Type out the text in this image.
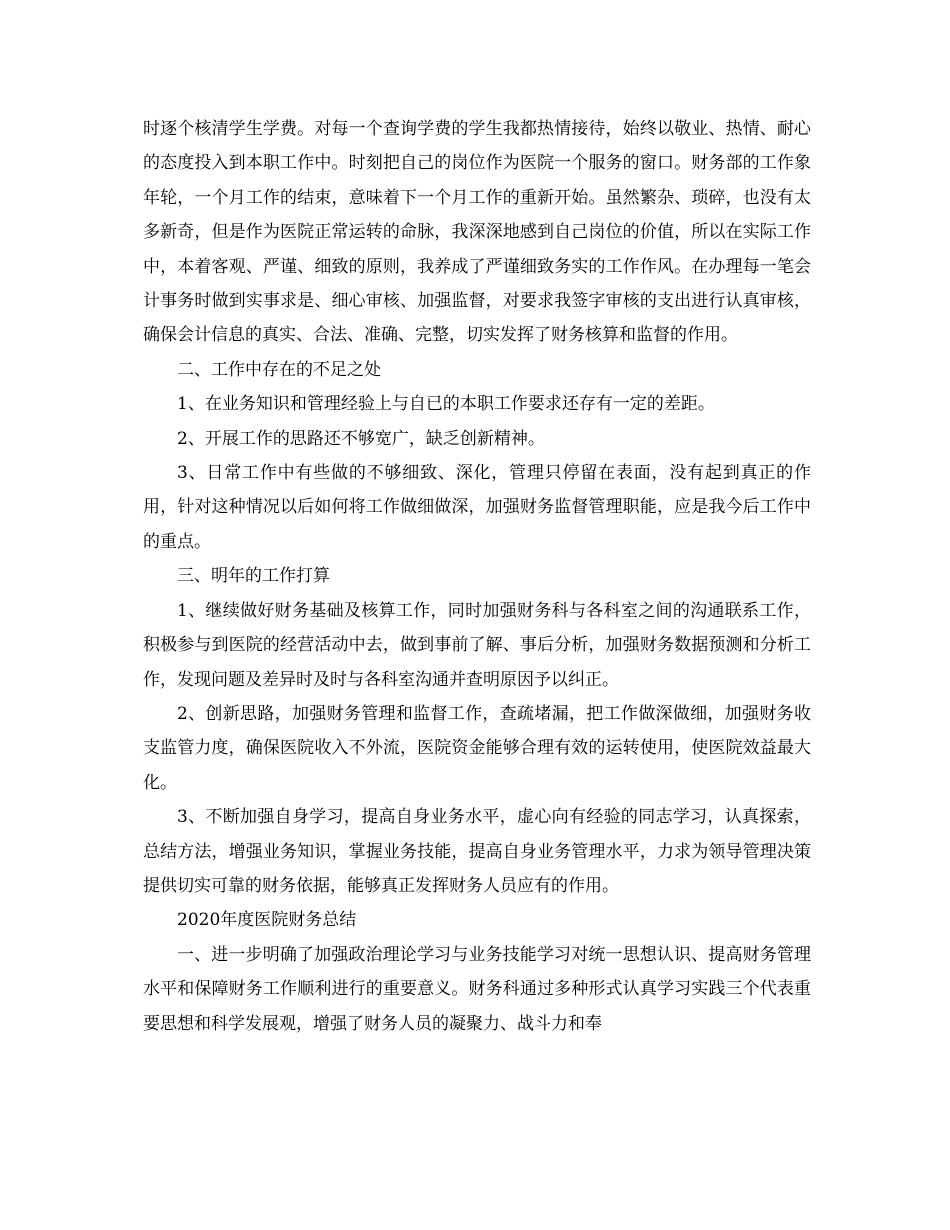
时逐个核清学生学费。对每一个查询学费的学生我都热情接待，始终以敬业、热情、耐心的态度投入到本职工作中。时刻把自己的岗位作为医院一个服务的窗口。财务部的工作象年轮，一个月工作的结束，意味着下一个月工作的重新开始。虽然繁杂、琐碎，也没有太多新奇，但是作为医院正常运转的命脉，我深深地感到自己岗位的价值，所以在实际工作中，本着客观、严谨、细致的原则，我养成了严谨细致务实的工作作风。在办理每一笔会计事务时做到实事求是、细心审核、加强监督，对要求我签字审核的支出进行认真审核，确保会计信息的真实、合法、准确、完整，切实发挥了财务核算和监督的作用。

二、工作中存在的不足之处

1、在业务知识和管理经验上与自已的本职工作要求还存有一定的差距。

2、开展工作的思路还不够宽广，缺乏创新精神。

3、日常工作中有些做的不够细致、深化，管理只停留在表面，没有起到真正的作用，针对这种情况以后如何将工作做细做深，加强财务监督管理职能，应是我今后工作中的重点。

三、明年的工作打算

1、继续做好财务基础及核算工作，同时加强财务科与各科室之间的沟通联系工作，积极参与到医院的经营活动中去，做到事前了解、事后分析，加强财务数据预测和分析工作，发现问题及差异时及时与各科室沟通并查明原因予以纠正。

2、创新思路，加强财务管理和监督工作，查疏堵漏，把工作做深做细，加强财务收支监管力度，确保医院收入不外流，医院资金能够合理有效的运转使用，使医院效益最大化。

3、不断加强自身学习，提高自身业务水平，虚心向有经验的同志学习，认真探索，总结方法，增强业务知识，掌握业务技能，提高自身业务管理水平，力求为领导管理决策提供切实可靠的财务依据，能够真正发挥财务人员应有的作用。

2020年度医院财务总结

一、进一步明确了加强政治理论学习与业务技能学习对统一思想认识、提高财务管理水平和保障财务工作顺利进行的重要意义。财务科通过多种形式认真学习实践三个代表重要思想和科学发展观，增强了财务人员的凝聚力、战斗力和奉
